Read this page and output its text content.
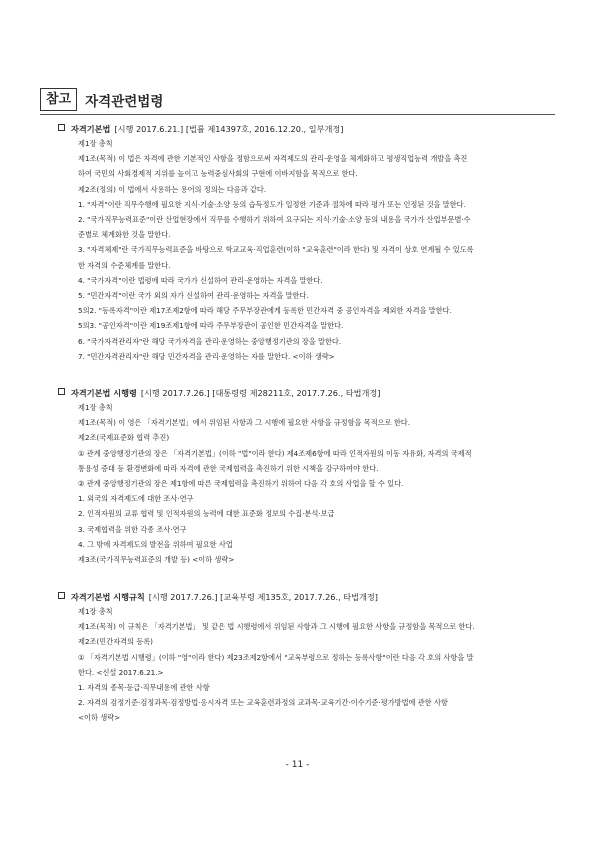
참고	자격관련법령
자격기본법 [시행 2017.6.21.] [법률 제14397호, 2016.12.20., 일부개정]
제1장 총칙
제1조(목적) 이 법은 자격에 관한 기본적인 사항을 정함으로써 자격제도의 관리·운영을 체계화하고 평생직업능력 개발을 촉진
하여 국민의 사회경제적 지위를 높이고 능력중심사회의 구현에 이바지함을 목적으로 한다.
제2조(정의) 이 법에서 사용하는 용어의 정의는 다음과 같다.
1. "자격"이란 직무수행에 필요한 지식·기술·소양 등의 습득정도가 일정한 기준과 절차에 따라 평가 또는 인정된 것을 말한다.
2. "국가직무능력표준"이란 산업현장에서 직무를 수행하기 위하여 요구되는 지식·기술·소양 등의 내용을 국가가 산업부문별·수
준별로 체계화한 것을 말한다.
3. "자격체제"란 국가직무능력표준을 바탕으로 학교교육·직업훈련(이하 "교육훈련"이라 한다) 및 자격이 상호 연계될 수 있도록
한 자격의 수준체계를 말한다.
4. "국가자격"이란 법령에 따라 국가가 신설하여 관리·운영하는 자격을 말한다.
5. "민간자격"이란 국가 외의 자가 신설하여 관리·운영하는 자격을 말한다.
5의2. "등록자격"이란 제17조제2항에 따라 해당 주무부장관에게 등록한 민간자격 중 공인자격을 제외한 자격을 말한다.
5의3. "공인자격"이란 제19조제1항에 따라 주무부장관이 공인한 민간자격을 말한다.
6. "국가자격관리자"란 해당 국가자격을 관리·운영하는 중앙행정기관의 장을 말한다.
7. "민간자격관리자"란 해당 민간자격을 관리·운영하는 자를 말한다. <이하 생략>
자격기본법 시행령 [시행 2017.7.26.] [대통령령 제28211호, 2017.7.26., 타법개정]
제1장 총칙
제1조(목적) 이 영은 「자격기본법」에서 위임된 사항과 그 시행에 필요한 사항을 규정함을 목적으로 한다.
제2조(국제표준화 협력 추진)
① 관계 중앙행정기관의 장은 「자격기본법」(이하 "법"이라 한다) 제4조제6항에 따라 인적자원의 이동 자유화, 자격의 국제적
통용성 증대 등 환경변화에 따라 자격에 관한 국제협력을 촉진하기 위한 시책을 강구하여야 한다.
② 관계 중앙행정기관의 장은 제1항에 따른 국제협력을 촉진하기 위하여 다음 각 호의 사업을 할 수 있다.
1. 외국의 자격제도에 대한 조사·연구
2. 인적자원의 교류 협력 및 인적자원의 능력에 대한 표준화 정보의 수집·분석·보급
3. 국제협력을 위한 각종 조사·연구
4. 그 밖에 자격제도의 발전을 위하여 필요한 사업
제3조(국가직무능력표준의 개발 등) <이하 생략>
자격기본법 시행규칙 [시행 2017.7.26.] [교육부령 제135호, 2017.7.26., 타법개정]
제1장 총칙
제1조(목적) 이 규칙은 「자격기본법」 및 같은 법 시행령에서 위임된 사항과 그 시행에 필요한 사항을 규정함을 목적으로 한다.
제2조(민간자격의 등록)
① 「자격기본법 시행령」(이하 "영"이라 한다) 제23조제2항에서 "교육부령으로 정하는 등록사항"이란 다음 각 호의 사항을 말
한다. <신설 2017.6.21.>
1. 자격의 종목·등급·직무내용에 관한 사항
2. 자격의 검정기준·검정과목·검정방법·응시자격 또는 교육훈련과정의 교과목·교육기간·이수기준·평가방법에 관한 사항
<이하 생략>
- 11 -
